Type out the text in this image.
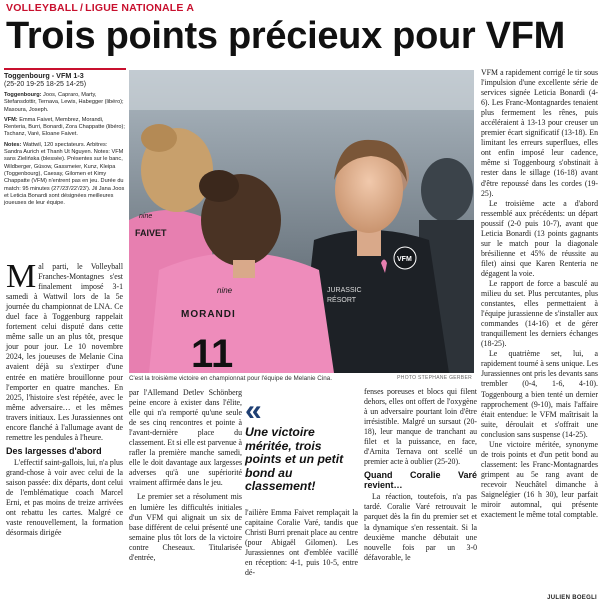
VOLLEYBALL / LIGUE NATIONALE A
Trois points précieux pour VFM
Toggenbourg - VFM 1-3
(25-20 19-25 18-25 14-25)

Toggenbourg: Joos, Capraro, Marty, Stefansdottir, Ternava, Lewis, Habegger (libéro); Masoura, Joseph.

VFM: Emma Faivet, Membrez, Morandi, Renteria, Burri, Bonardi, Zora Chappatte (libéro); Tschanz, Varé, Eloane Faivet.

Notes: Wattwil, 120 spectateurs. Arbitres: Sandra Aurich et Thanh Ut Nguyen. Notes: VFM sans Zielińska (blessée). Présentes sur le banc, Wildberger, Güsow, Gassmeier, Kunz, Kleipa (Toggenbourg), Caesay, Gilomen et Kimy Chappatte (VFM) n'entrent pas en jeu. Durée du match: 95 minutes (27'/23'/22'/23'). Jil Jana Joos et Leticia Bonardi sont désignées meilleures joueuses de leur équipe.

VFM
JURASSIC
RÉSORT
FAIVET
nine
nine
MORANDI
11
C'est la troisième victoire en championnat pour l'équipe de Melanie Cina.	PHOTO STEPHANE GERBER

Mal parti, le Volleyball Franches-Montagnes s'est finalement imposé 3-1 samedi à Wattwil lors de la 5e journée du championnat de LNA. Ce duel face à Toggenburg rappelait fortement celui disputé dans cette même salle un an plus tôt, presque jour pour jour. Le 10 novembre 2024, les joueuses de Melanie Cina avaient déjà su s'extirper d'une entrée en matière brouillonne pour l'emporter en quatre manches. En 2025, l'histoire s'est répétée, avec le même adversaire… et les mêmes travers initiaux. Les Jurassiennes ont encore flanché à l'allumage avant de remettre les pendules à l'heure.

Des largesses d'abord

L'effectif saint-gallois, lui, n'a plus grand-chose à voir avec celui de la saison passée: dix départs, dont celui de l'emblématique coach Marcel Erni, et pas moins de treize arrivées ont rebattu les cartes. Malgré ce vaste renouvellement, la formation désormais dirigée

par l'Allemand Detlev Schönberg peine encore à exister dans l'élite, elle qui n'a remporté qu'une seule de ses cinq rencontres et pointe à l'avant-dernière place du classement. Et si elle est parvenue à rafler la première manche samedi, elle le doit davantage aux largesses adverses qu'à une supériorité vraiment affirmée dans le jeu.

Le premier set a résolument mis en lumière les difficultés initiales d'un VFM qui alignait un six de base différent de celui présenté une semaine plus tôt lors de la victoire contre Cheseaux. Titularisée d'entrée,

«
Une victoire méritée, trois points et un petit bond au classement!

l'ailière Emma Faivet remplaçait la capitaine Coralie Varé, tandis que Christi Burri prenait place au centre (pour Abigaël Gilomen). Les Jurassiennes ont d'emblée vacillé en réception: 4-1, puis 10-5, entre dé-

fenses poreuses et blocs qui filent dehors, elles ont offert de l'oxygène à un adversaire pourtant loin d'être irrésistible. Malgré un sursaut (20-18), leur manque de tranchant au filet et la puissance, en face, d'Arnita Ternava ont scellé un premier acte à oublier (25-20).

Quand Coralie Varé revient…

La réaction, toutefois, n'a pas tardé. Coralie Varé retrouvait le parquet dès la fin du premier set et la dynamique s'en ressentait. Si la deuxième manche débutait une nouvelle fois par un 3-0 défavorable, le

VFM a rapidement corrigé le tir sous l'impulsion d'une excellente série de services signée Leticia Bonardi (4-6). Les Franc-Montagnardes tenaient plus fermement les rênes, puis accéléraient à 13-13 pour creuser un premier écart significatif (13-18). En limitant les erreurs superflues, elles ont enfin imposé leur cadence, même si Toggenbourg s'obstinait à rester dans le sillage (16-18) avant d'être repoussé dans les cordes (19-25).

Le troisième acte a d'abord ressemblé aux précédents: un départ poussif (2-0 puis 10-7), avant que Leticia Bonardi (13 points gagnants sur le match pour la diagonale brésilienne et 45% de réussite au filet) ainsi que Karen Renteria ne dégagent la voie.

Le rapport de force a basculé au milieu du set. Plus percutantes, plus constantes, elles permettaient à l'équipe jurassienne de s'installer aux commandes (14-16) et de gérer tranquillement les derniers échanges (18-25).

Le quatrième set, lui, a rapidement tourné à sens unique. Les Jurassiennes ont pris les devants sans trembler (0-4, 1-6, 4-10). Toggenbourg a bien tenté un dernier rapprochement (9-10), mais l'affaire était entendue: le VFM maîtrisait la suite, déroulait et s'offrait une conclusion sans suspense (14-25).

Une victoire méritée, synonyme de trois points et d'un petit bond au classement: les Franc-Montagnardes grimpent au 5e rang avant de recevoir Neuchâtel dimanche à Saignelégier (16 h 30), leur parfait miroir automnal, qui présente exactement le même total comptable.

JULIEN BOEGLI
